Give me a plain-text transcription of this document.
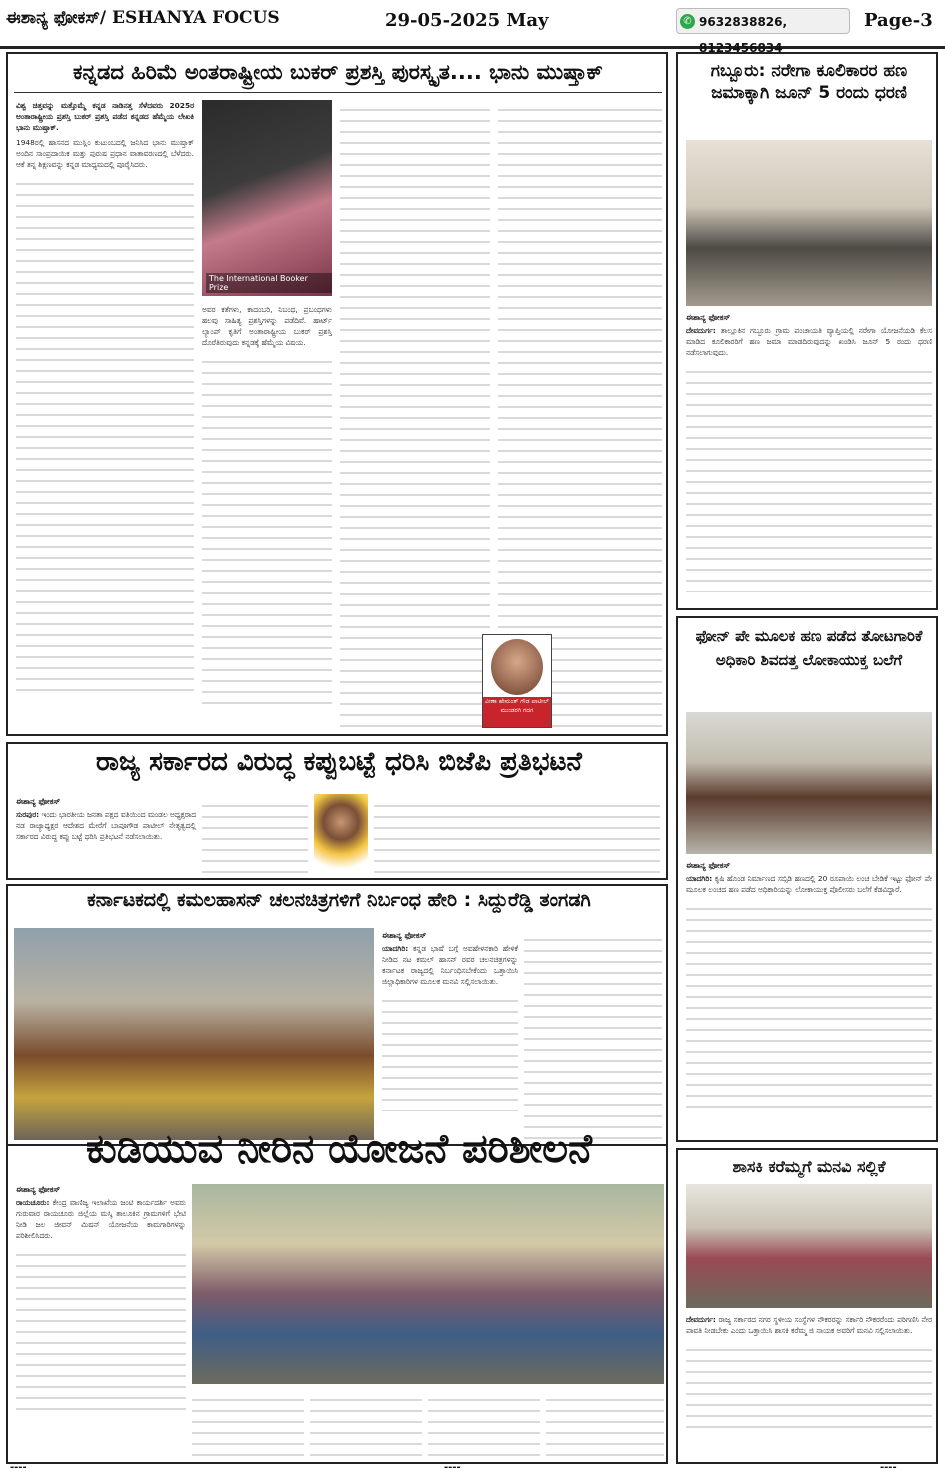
ಈಶಾನ್ಯ ಫೋಕಸ್/ ESHANYA FOCUS	29-05-2025 May	✆ 9632838826, 8123456834
Page-3
ಕನ್ನಡದ ಹಿರಿಮೆ ಅಂತರಾಷ್ಟ್ರೀಯ ಬುಕರ್ ಪ್ರಶಸ್ತಿ ಪುರಸ್ಕೃತ.... ಭಾನು ಮುಷ್ತಾಕ್

ವಿಶ್ವ ಚಿತ್ತವನ್ನು ಮತ್ತೊಮ್ಮೆ ಕನ್ನಡ ನಾಡಿನತ್ತ ಸೆಳೆದವರು 2025ರ ಅಂತಾರಾಷ್ಟ್ರೀಯ ಪ್ರಶಸ್ತಿ ಬುಕರ್ ಪ್ರಶಸ್ತಿ ಪಡೆದ ಕನ್ನಡದ ಹೆಮ್ಮೆಯ ಲೇಖಕಿ ಭಾನು ಮುಷ್ತಾಕ್.

1948ರಲ್ಲಿ ಹಾಸನದ ಮುಸ್ಲಿಂ ಕುಟುಂಬದಲ್ಲಿ ಜನಿಸಿದ ಭಾನು ಮುಷ್ತಾಕ್ ಅಂದಿನ ಸಾಂಪ್ರದಾಯಿಕ ಮತ್ತು ಪುರುಷ ಪ್ರಧಾನ ವಾತಾವರಣದಲ್ಲಿ ಬೆಳೆದರು. ಆಕೆ ತನ್ನ ಶಿಕ್ಷಣವನ್ನು ಕನ್ನಡ ಮಾಧ್ಯಮದಲ್ಲಿ ಪೂರೈಸಿದರು.

The International Booker Prize

ಅವರ ಕತೆಗಳು, ಕಾದಂಬರಿ, ನಿಬಂಧ, ಪ್ರಬಂಧಗಳು ಹಲವು ಸಾಹಿತ್ಯ ಪ್ರಶಸ್ತಿಗಳನ್ನು ಪಡೆದಿವೆ. ಹಾರ್ಟ್ ಲ್ಯಾಂಪ್ ಕೃತಿಗೆ ಅಂತಾರಾಷ್ಟ್ರೀಯ ಬುಕರ್ ಪ್ರಶಸ್ತಿ ದೊರೆತಿರುವುದು ಕನ್ನಡಕ್ಕೆ ಹೆಮ್ಮೆಯ ವಿಷಯ.

ವೀಣಾ ಹೇಮಂತ್ ಗೌಡ ಪಾಟೀಲ್
ಮುಂಡರಗಿ ಗದಗ
ರಾಜ್ಯ ಸರ್ಕಾರದ ವಿರುದ್ಧ ಕಪ್ಪುಬಟ್ಟೆ ಧರಿಸಿ ಬಿಜೆಪಿ ಪ್ರತಿಭಟನೆ
ಈಶಾನ್ಯ ಫೋಕಸ್

ಸುರಪುರ: ಇಂದು ಭಾರತೀಯ ಜನತಾ ಪಕ್ಷದ ವತಿಯಿಂದ ಮಂಡಲ ಅಧ್ಯಕ್ಷರಾದ ನಡ ರಾಜ್ಯಾಧ್ಯಕ್ಷರ ಆದೇಶದ ಮೇರೆಗೆ ಬಾಪೂಗೌಡ ಪಾಟೀಲ್ ನೇತೃತ್ವದಲ್ಲಿ ಸರ್ಕಾರದ ವಿರುದ್ಧ ಕಪ್ಪು ಬಟ್ಟೆ ಧರಿಸಿ ಪ್ರತಿಭಟನೆ ನಡೆಸಲಾಯಿತು.

ಕರ್ನಾಟಕದಲ್ಲಿ ಕಮಲಹಾಸನ್ ಚಲನಚಿತ್ರಗಳಿಗೆ ನಿರ್ಬಂಧ ಹೇರಿ : ಸಿದ್ದುರೆಡ್ಡಿ ತಂಗಡಗಿ
ಈಶಾನ್ಯ ಫೋಕಸ್

ಯಾದಗಿರಿ: ಕನ್ನಡ ಭಾಷೆ ಬಗ್ಗೆ ಅವಹೇಳನಕಾರಿ ಹೇಳಿಕೆ ನೀಡಿದ ನಟ ಕಮಲ್ ಹಾಸನ್ ರವರ ಚಲನಚಿತ್ರಗಳನ್ನು ಕರ್ನಾಟಕ ರಾಜ್ಯದಲ್ಲಿ ನಿರ್ಬಂಧಿಸಬೇಕೆಂದು ಒತ್ತಾಯಿಸಿ ಜಿಲ್ಲಾಧಿಕಾರಿಗಳ ಮೂಲಕ ಮನವಿ ಸಲ್ಲಿಸಲಾಯಿತು.

ಕುಡಿಯುವ ನೀರಿನ ಯೋಜನೆ ಪರಿಶೀಲನೆ
ಈಶಾನ್ಯ ಫೋಕಸ್

ರಾಯಚೂರು: ಕೇಂದ್ರ ವಾಣಿಜ್ಯ ಇಲಾಖೆಯ ಜಂಟಿ ಕಾರ್ಯದರ್ಶಿ ಅವರು ಗುರುವಾರ ರಾಯಚೂರು ಜಿಲ್ಲೆಯ ಮಸ್ಕಿ ತಾಲೂಕಿನ ಗ್ರಾಮಗಳಿಗೆ ಭೇಟಿ ನೀಡಿ ಜಲ ಜೀವನ್ ಮಿಷನ್ ಯೋಜನೆಯ ಕಾಮಗಾರಿಗಳನ್ನು ಪರಿಶೀಲಿಸಿದರು.

ಗಬ್ಬೂರು: ನರೇಗಾ ಕೂಲಿಕಾರರ ಹಣ ಜಮಾಕ್ಕಾಗಿ ಜೂನ್ 5 ರಂದು ಧರಣಿ
ಈಶಾನ್ಯ ಫೋಕಸ್

ದೇವದುರ್ಗ: ತಾಲ್ಲೂಕಿನ ಗಬ್ಬೂರು ಗ್ರಾಮ ಪಂಚಾಯತಿ ವ್ಯಾಪ್ತಿಯಲ್ಲಿ ನರೇಗಾ ಯೋಜನೆಯಡಿ ಕೆಲಸ ಮಾಡಿದ ಕೂಲಿಕಾರರಿಗೆ ಹಣ ಜಮಾ ಮಾಡದಿರುವುದನ್ನು ಖಂಡಿಸಿ ಜೂನ್ 5 ರಂದು ಧರಣಿ ನಡೆಸಲಾಗುವುದು.

ಫೋನ್ ಪೇ ಮೂಲಕ ಹಣ ಪಡೆದ ತೋಟಗಾರಿಕೆ ಅಧಿಕಾರಿ ಶಿವದತ್ತ ಲೋಕಾಯುಕ್ತ ಬಲೆಗೆ
ಈಶಾನ್ಯ ಫೋಕಸ್

ಯಾದಗಿರಿ: ಕೃಷಿ ಹೊಂಡ ನಿರ್ಮಾಣದ ಸಬ್ಸಿಡಿ ಹಣದಲ್ಲಿ 20 ರೂಪಾಯಿ ಲಂಚ ಬೇಡಿಕೆ ಇಟ್ಟು ಫೋನ್ ಪೇ ಮೂಲಕ ಲಂಚದ ಹಣ ಪಡೆದ ಅಧಿಕಾರಿಯನ್ನು ಲೋಕಾಯುಕ್ತ ಪೊಲೀಸರು ಬಲೆಗೆ ಕೆಡವಿದ್ದಾರೆ.

ಶಾಸಕಿ ಕರೆಮ್ಮಗೆ ಮನವಿ ಸಲ್ಲಿಕೆ

ದೇವದುರ್ಗ: ರಾಜ್ಯ ಸರ್ಕಾರದ ನಗರ ಸ್ಥಳೀಯ ಸಂಸ್ಥೆಗಳ ನೌಕರರನ್ನು ಸರ್ಕಾರಿ ನೌಕರರೆಂದು ಪರಿಗಣಿಸಿ ನೇರ ಪಾವತಿ ನೀಡಬೇಕು ಎಂದು ಒತ್ತಾಯಿಸಿ ಶಾಸಕಿ ಕರೆಮ್ಮ ಜಿ ನಾಯಕ ಅವರಿಗೆ ಮನವಿ ಸಲ್ಲಿಸಲಾಯಿತು.

----	----	----
